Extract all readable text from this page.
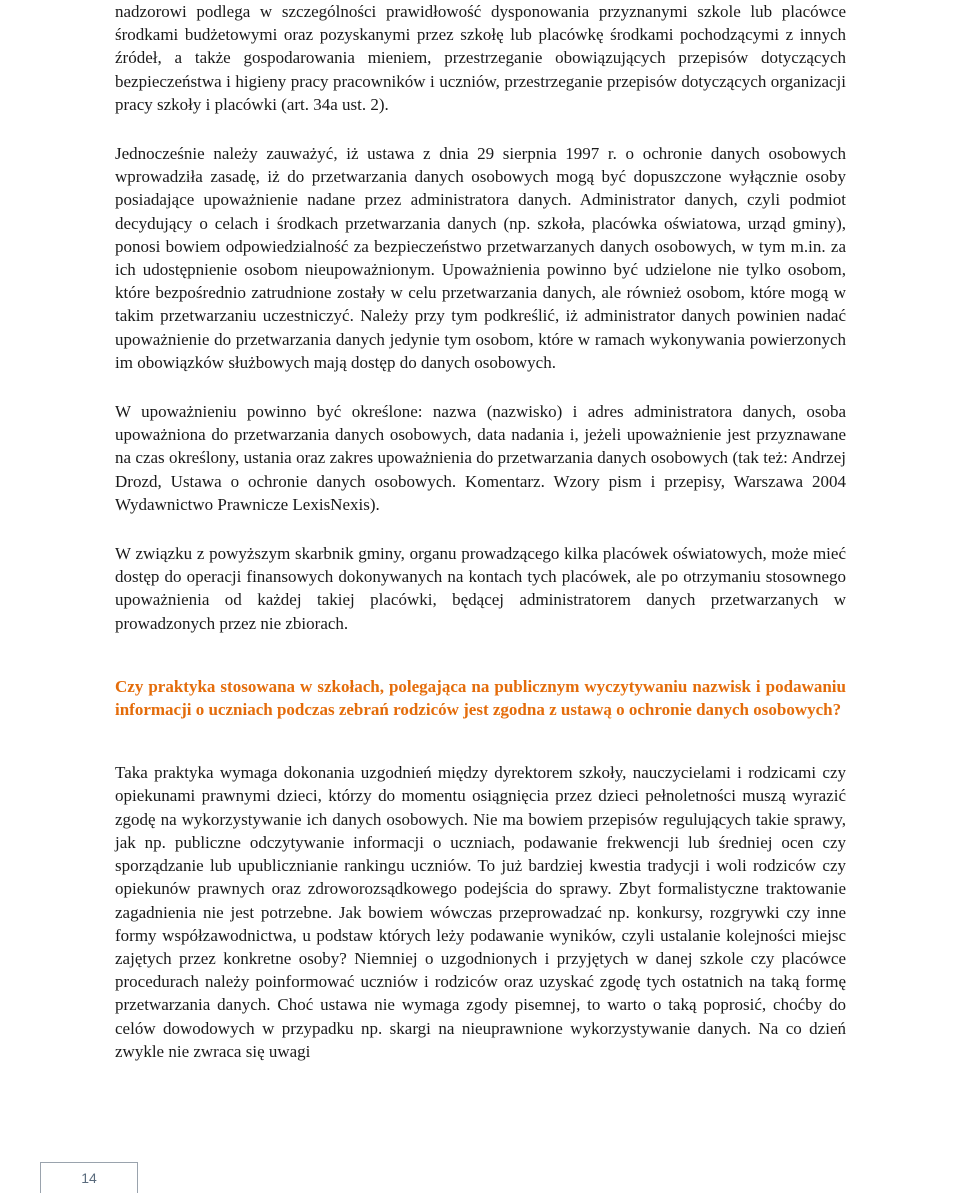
nadzorowi podlega w szczególności prawidłowość dysponowania przyznanymi szkole lub placówce środkami budżetowymi oraz pozyskanymi przez szkołę lub placówkę środkami pochodzącymi z innych źródeł, a także gospodarowania mieniem, przestrzeganie obowiązujących przepisów dotyczących bezpieczeństwa i higieny pracy pracowników i uczniów, przestrzeganie przepisów dotyczących organizacji pracy szkoły i placówki (art. 34a ust. 2).

Jednocześnie należy zauważyć, iż ustawa z dnia 29 sierpnia 1997 r. o ochronie danych osobowych wprowadziła zasadę, iż do przetwarzania danych osobowych mogą być dopuszczone wyłącznie osoby posiadające upoważnienie nadane przez administratora danych. Administrator danych, czyli podmiot decydujący o celach i środkach przetwarzania danych (np. szkoła, placówka oświatowa, urząd gminy), ponosi bowiem odpowiedzialność za bezpieczeństwo przetwarzanych danych osobowych, w tym m.in. za ich udostępnienie osobom nieupoważnionym. Upoważnienia powinno być udzielone nie tylko osobom, które bezpośrednio zatrudnione zostały w celu przetwarzania danych, ale również osobom, które mogą w takim przetwarzaniu uczestniczyć. Należy przy tym podkreślić, iż administrator danych powinien nadać upoważnienie do przetwarzania danych jedynie tym osobom, które w ramach wykonywania powierzonych im obowiązków służbowych mają dostęp do danych osobowych.

W upoważnieniu powinno być określone: nazwa (nazwisko) i adres administratora danych, osoba upoważniona do przetwarzania danych osobowych, data nadania i, jeżeli upoważnienie jest przyznawane na czas określony, ustania oraz zakres upoważnienia do przetwarzania danych osobowych (tak też: Andrzej Drozd, Ustawa o ochronie danych osobowych. Komentarz. Wzory pism i przepisy, Warszawa 2004 Wydawnictwo Prawnicze LexisNexis).

W związku z powyższym skarbnik gminy, organu prowadzącego kilka placówek oświatowych, może mieć dostęp do operacji finansowych dokonywanych na kontach tych placówek, ale po otrzymaniu stosownego upoważnienia od każdej takiej placówki, będącej administratorem danych przetwarzanych w prowadzonych przez nie zbiorach.

Czy praktyka stosowana w szkołach, polegająca na publicznym wyczytywaniu nazwisk i podawaniu informacji o uczniach podczas zebrań rodziców jest zgodna z ustawą o ochronie danych osobowych?

Taka praktyka wymaga dokonania uzgodnień między dyrektorem szkoły, nauczycielami i rodzicami czy opiekunami prawnymi dzieci, którzy do momentu osiągnięcia przez dzieci pełnoletności muszą wyrazić zgodę na wykorzystywanie ich danych osobowych. Nie ma bowiem przepisów regulujących takie sprawy, jak np. publiczne odczytywanie informacji o uczniach, podawanie frekwencji lub średniej ocen czy sporządzanie lub upublicznianie rankingu uczniów. To już bardziej kwestia tradycji i woli rodziców czy opiekunów prawnych oraz zdroworozsądkowego podejścia do sprawy. Zbyt formalistyczne traktowanie zagadnienia nie jest potrzebne. Jak bowiem wówczas przeprowadzać np. konkursy, rozgrywki czy inne formy współzawodnictwa, u podstaw których leży podawanie wyników, czyli ustalanie kolejności miejsc zajętych przez konkretne osoby? Niemniej o uzgodnionych i przyjętych w danej szkole czy placówce procedurach należy poinformować uczniów i rodziców oraz uzyskać zgodę tych ostatnich na taką formę przetwarzania danych. Choć ustawa nie wymaga zgody pisemnej, to warto o taką poprosić, choćby do celów dowodowych w przypadku np. skargi na nieuprawnione wykorzystywanie danych. Na co dzień zwykle nie zwraca się uwagi

14
